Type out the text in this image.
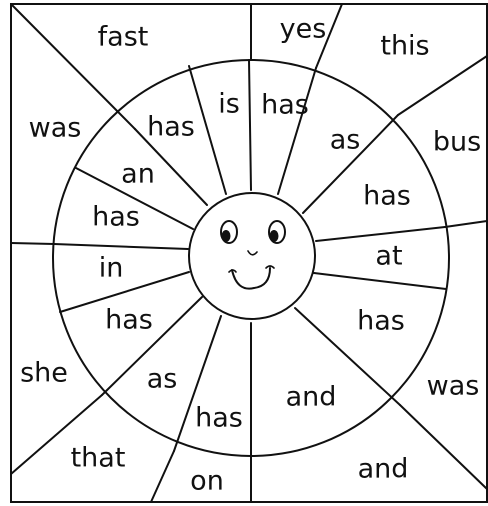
fast	yes
this
was has
is has
as	bus
an
has
has
at
in
has	has
she	as	was
and
has
that
on	and
